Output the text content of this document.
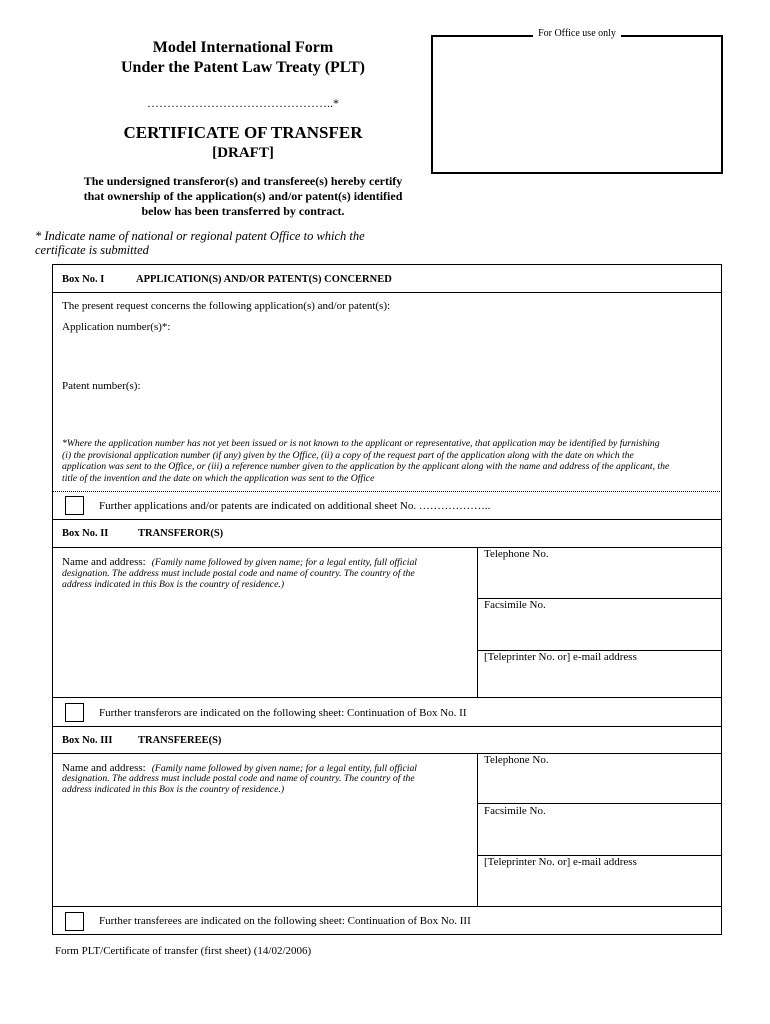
Model International Form
Under the Patent Law Treaty (PLT)
………………………………………..*
CERTIFICATE OF TRANSFER
[DRAFT]
The undersigned transferor(s) and transferee(s) hereby certify
that ownership of the application(s) and/or patent(s) identified
below has been transferred by contract.
* Indicate name of national or regional patent Office to which the
certificate is submitted
For Office use only
Box No. I	APPLICATION(S) AND/OR PATENT(S) CONCERNED
The present request concerns the following application(s) and/or patent(s):
Application number(s)*:
Patent number(s):
*Where the application number has not yet been issued or is not known to the applicant or representative, that application may be identified by furnishing
(i) the provisional application number (if any) given by the Office, (ii) a copy of the request part of the application along with the date on which the
application was sent to the Office, or (iii) a reference number given to the application by the applicant along with the name and address of the applicant, the
title of the invention and the date on which the application was sent to the Office
Further applications and/or patents are indicated on additional sheet No. ………………..
Box No. II	TRANSFEROR(S)
Name and address: (Family name followed by given name; for a legal entity, full official
designation. The address must include postal code and name of country. The country of the
address indicated in this Box is the country of residence.)
Telephone No.
Facsimile No.
[Teleprinter No. or] e-mail address
Further transferors are indicated on the following sheet: Continuation of Box No. II
Box No. III TRANSFEREE(S)
Name and address: (Family name followed by given name; for a legal entity, full official
designation. The address must include postal code and name of country. The country of the
address indicated in this Box is the country of residence.)
Telephone No.
Facsimile No.
[Teleprinter No. or] e-mail address
Further transferees are indicated on the following sheet: Continuation of Box No. III
Form PLT/Certificate of transfer (first sheet) (14/02/2006)
